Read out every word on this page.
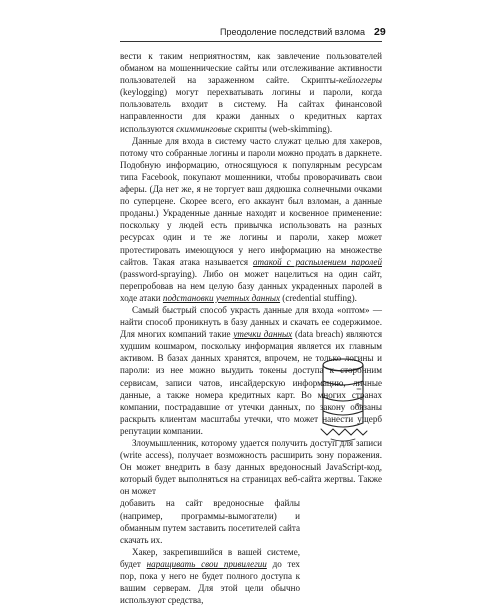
Преодоление последствий взлома 29

вести к таким неприятностям, как завлечение пользователей обманом на мошеннические сайты или отслеживание активности пользователей на зараженном сайте. Скрипты-кейлоггеры (keylogging) могут перехватывать логины и пароли, когда пользователь входит в систему. На сайтах финансовой направленности для кражи данных о кредитных картах используются скимминговые скрипты (web-skimming).

Данные для входа в систему часто служат целью для хакеров, потому что собранные логины и пароли можно продать в даркнете. Подобную информацию, относящуюся к популярным ресурсам типа Facebook, покупают мошенники, чтобы проворачивать свои аферы. (Да нет же, я не торгует ваш дядюшка солнечными очками по суперцене. Скорее всего, его аккаунт был взломан, а данные проданы.) Украденные данные находят и косвенное применение: поскольку у людей есть привычка использовать на разных ресурсах один и те же логины и пароли, хакер может протестировать имеющуюся у него информацию на множестве сайтов. Такая атака называется атакой с распылением паролей (password-spraying). Либо он может нацелиться на один сайт, перепробовав на нем целую базу данных украденных паролей в ходе атаки подстановки учетных данных (credential stuffing).

Самый быстрый способ украсть данные для входа «оптом» — найти способ проникнуть в базу данных и скачать ее содержимое. Для многих компаний такие утечки данных (data breach) являются худшим кошмаром, поскольку информация является их главным активом. В базах данных хранятся, впрочем, не только логины и пароли: из нее можно выудить токены доступа к сторонним сервисам, записи чатов, инсайдерскую информацию, личные данные, а также номера кредитных карт. Во многих странах компании, пострадавшие от утечки данных, по закону обязаны раскрыть клиентам масштабы утечки, что может нанести ущерб репутации компании.

Злоумышленник, которому удается получить доступ для записи (write access), получает возможность расширить зону поражения. Он может внедрить в базу данных вредоносный JavaScript-код, который будет выполняться на страницах веб-сайта жертвы. Также он может

добавить на сайт вредоносные файлы (например, программы-вымогатели) и обманным путем заставить посетителей сайта скачать их.

Хакер, закрепившийся в вашей системе, будет наращивать свои привилегии до тех пор, пока у него не будет полного доступа к вашим серверам. Для этой цели обычно используют средства,
